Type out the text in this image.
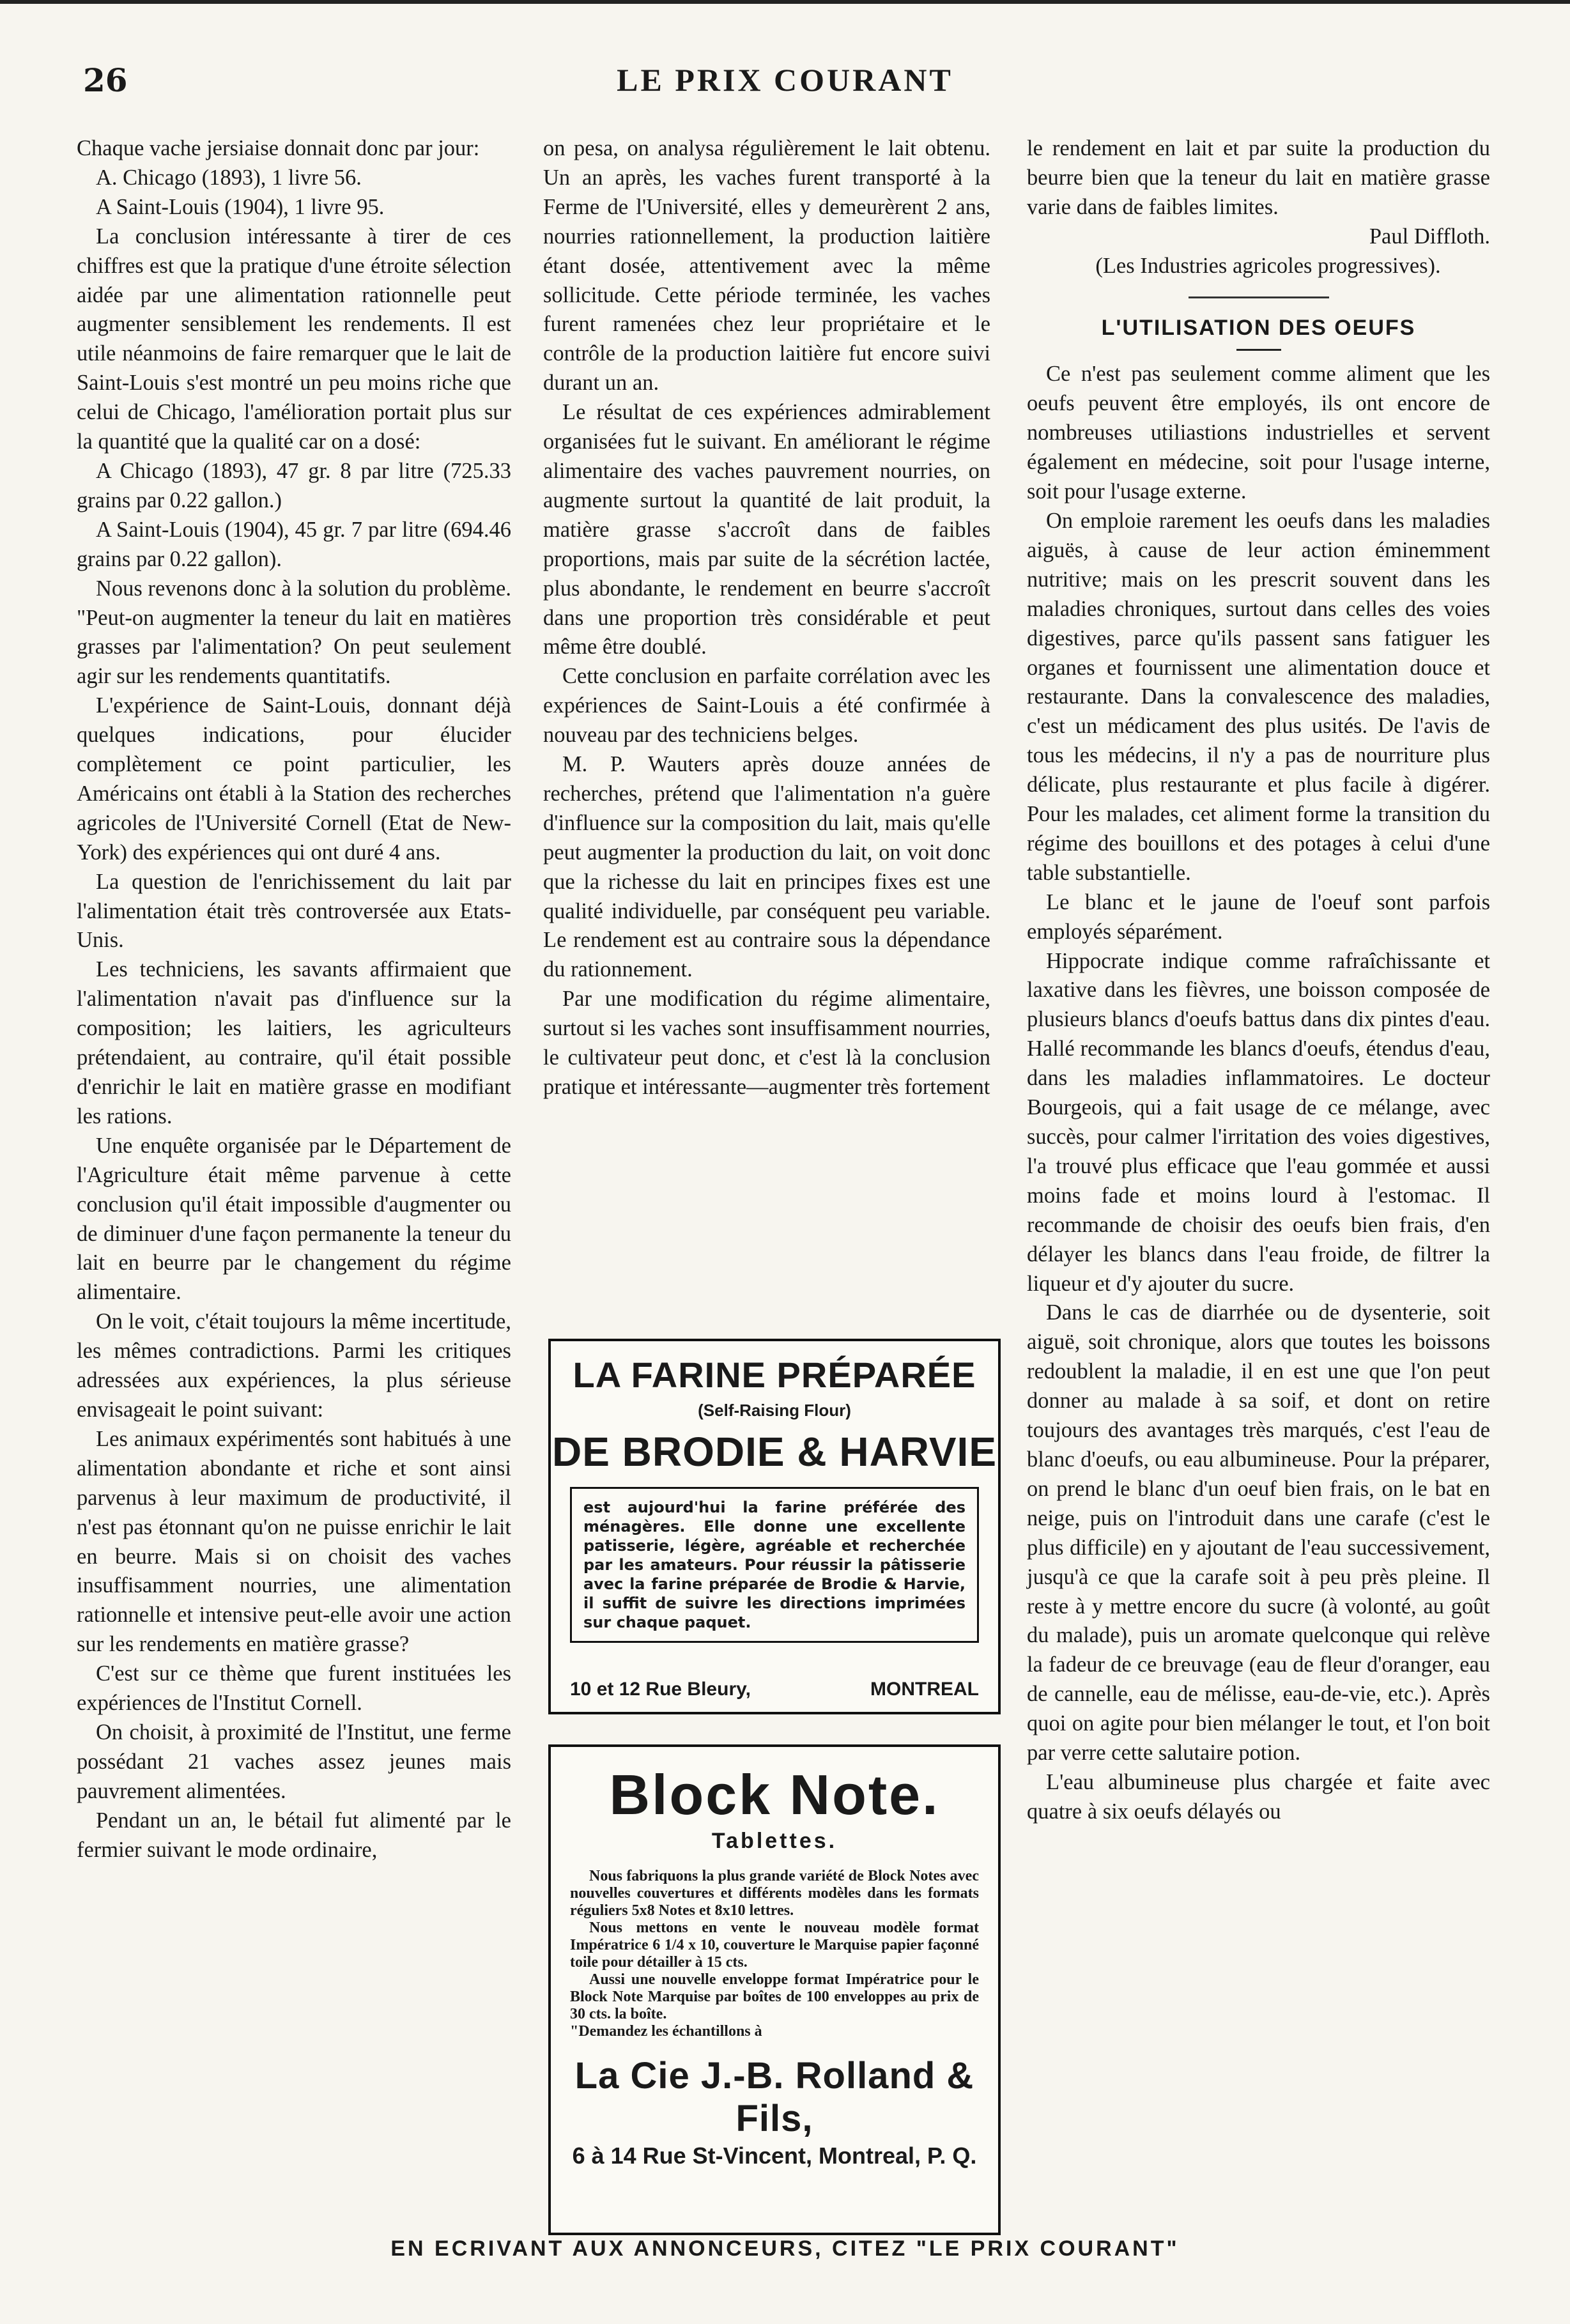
26	LE PRIX COURANT

Chaque vache jersiaise donnait donc par jour:

A. Chicago (1893), 1 livre 56.

A Saint-Louis (1904), 1 livre 95.

La conclusion intéressante à tirer de ces chiffres est que la pratique d'une étroite sélection aidée par une alimentation rationnelle peut augmenter sensiblement les rendements. Il est utile néanmoins de faire remarquer que le lait de Saint-Louis s'est montré un peu moins riche que celui de Chicago, l'amélioration portait plus sur la quantité que la qualité car on a dosé:

A Chicago (1893), 47 gr. 8 par litre (725.33 grains par 0.22 gallon.)

A Saint-Louis (1904), 45 gr. 7 par litre (694.46 grains par 0.22 gallon).

Nous revenons donc à la solution du problème. "Peut-on augmenter la teneur du lait en matières grasses par l'alimentation? On peut seulement agir sur les rendements quantitatifs.

L'expérience de Saint-Louis, donnant déjà quelques indications, pour élucider complètement ce point particulier, les Américains ont établi à la Station des recherches agricoles de l'Université Cornell (Etat de New-York) des expériences qui ont duré 4 ans.

La question de l'enrichissement du lait par l'alimentation était très controversée aux Etats-Unis.

Les techniciens, les savants affirmaient que l'alimentation n'avait pas d'influence sur la composition; les laitiers, les agriculteurs prétendaient, au contraire, qu'il était possible d'enrichir le lait en matière grasse en modifiant les rations.

Une enquête organisée par le Département de l'Agriculture était même parvenue à cette conclusion qu'il était impossible d'augmenter ou de diminuer d'une façon permanente la teneur du lait en beurre par le changement du régime alimentaire.

On le voit, c'était toujours la même incertitude, les mêmes contradictions. Parmi les critiques adressées aux expériences, la plus sérieuse envisageait le point suivant:

Les animaux expérimentés sont habitués à une alimentation abondante et riche et sont ainsi parvenus à leur maximum de productivité, il n'est pas étonnant qu'on ne puisse enrichir le lait en beurre. Mais si on choisit des vaches insuffisamment nourries, une alimentation rationnelle et intensive peut-elle avoir une action sur les rendements en matière grasse?

C'est sur ce thème que furent instituées les expériences de l'Institut Cornell.

On choisit, à proximité de l'Institut, une ferme possédant 21 vaches assez jeunes mais pauvrement alimentées.

Pendant un an, le bétail fut alimenté par le fermier suivant le mode ordinaire,

on pesa, on analysa régulièrement le lait obtenu. Un an après, les vaches furent transporté à la Ferme de l'Université, elles y demeurèrent 2 ans, nourries rationnellement, la production laitière étant dosée, attentivement avec la même sollicitude. Cette période terminée, les vaches furent ramenées chez leur propriétaire et le contrôle de la production laitière fut encore suivi durant un an.

Le résultat de ces expériences admirablement organisées fut le suivant. En améliorant le régime alimentaire des vaches pauvrement nourries, on augmente surtout la quantité de lait produit, la matière grasse s'accroît dans de faibles proportions, mais par suite de la sécrétion lactée, plus abondante, le rendement en beurre s'accroît dans une proportion très considérable et peut même être doublé.

Cette conclusion en parfaite corrélation avec les expériences de Saint-Louis a été confirmée à nouveau par des techniciens belges.

M. P. Wauters après douze années de recherches, prétend que l'alimentation n'a guère d'influence sur la composition du lait, mais qu'elle peut augmenter la production du lait, on voit donc que la richesse du lait en principes fixes est une qualité individuelle, par conséquent peu variable. Le rendement est au contraire sous la dépendance du rationnement.

Par une modification du régime alimentaire, surtout si les vaches sont insuffisamment nourries, le cultivateur peut donc, et c'est là la conclusion pratique et intéressante—augmenter très fortement

LA FARINE PRÉPARÉE
(Self-Raising Flour)
DE BRODIE & HARVIE
est aujourd'hui la farine préférée des ménagères. Elle donne une excellente patisserie, légère, agréable et recherchée par les amateurs. Pour réussir la pâtisserie avec la farine préparée de Brodie & Harvie, il suffit de suivre les directions imprimées sur chaque paquet.
10 et 12 Rue Bleury,	MONTREAL
Block Note.
Tablettes.

Nous fabriquons la plus grande variété de Block Notes avec nouvelles couvertures et différents modèles dans les formats réguliers 5x8 Notes et 8x10 lettres.

Nous mettons en vente le nouveau modèle format Impératrice 6 1/4 x 10, couverture le Marquise papier façonné toile pour détailler à 15 cts.

Aussi une nouvelle enveloppe format Impératrice pour le Block Note Marquise par boîtes de 100 enveloppes au prix de 30 cts. la boîte.

"Demandez les échantillons à

La Cie J.-B. Rolland & Fils,
6 à 14 Rue St-Vincent, Montreal, P. Q.

le rendement en lait et par suite la production du beurre bien que la teneur du lait en matière grasse varie dans de faibles limites.

Paul Diffloth.

(Les Industries agricoles progressives).

L'UTILISATION DES OEUFS

Ce n'est pas seulement comme aliment que les oeufs peuvent être employés, ils ont encore de nombreuses utiliastions industrielles et servent également en médecine, soit pour l'usage interne, soit pour l'usage externe.

On emploie rarement les oeufs dans les maladies aiguës, à cause de leur action éminemment nutritive; mais on les prescrit souvent dans les maladies chroniques, surtout dans celles des voies digestives, parce qu'ils passent sans fatiguer les organes et fournissent une alimentation douce et restaurante. Dans la convalescence des maladies, c'est un médicament des plus usités. De l'avis de tous les médecins, il n'y a pas de nourriture plus délicate, plus restaurante et plus facile à digérer. Pour les malades, cet aliment forme la transition du régime des bouillons et des potages à celui d'une table substantielle.

Le blanc et le jaune de l'oeuf sont parfois employés séparément.

Hippocrate indique comme rafraîchissante et laxative dans les fièvres, une boisson composée de plusieurs blancs d'oeufs battus dans dix pintes d'eau. Hallé recommande les blancs d'oeufs, étendus d'eau, dans les maladies inflammatoires. Le docteur Bourgeois, qui a fait usage de ce mélange, avec succès, pour calmer l'irritation des voies digestives, l'a trouvé plus efficace que l'eau gommée et aussi moins fade et moins lourd à l'estomac. Il recommande de choisir des oeufs bien frais, d'en délayer les blancs dans l'eau froide, de filtrer la liqueur et d'y ajouter du sucre.

Dans le cas de diarrhée ou de dysenterie, soit aiguë, soit chronique, alors que toutes les boissons redoublent la maladie, il en est une que l'on peut donner au malade à sa soif, et dont on retire toujours des avantages très marqués, c'est l'eau de blanc d'oeufs, ou eau albumineuse. Pour la préparer, on prend le blanc d'un oeuf bien frais, on le bat en neige, puis on l'introduit dans une carafe (c'est le plus difficile) en y ajoutant de l'eau successivement, jusqu'à ce que la carafe soit à peu près pleine. Il reste à y mettre encore du sucre (à volonté, au goût du malade), puis un aromate quelconque qui relève la fadeur de ce breuvage (eau de fleur d'oranger, eau de cannelle, eau de mélisse, eau-de-vie, etc.). Après quoi on agite pour bien mélanger le tout, et l'on boit par verre cette salutaire potion.

L'eau albumineuse plus chargée et faite avec quatre à six oeufs délayés ou

EN ECRIVANT AUX ANNONCEURS, CITEZ "LE PRIX COURANT"
